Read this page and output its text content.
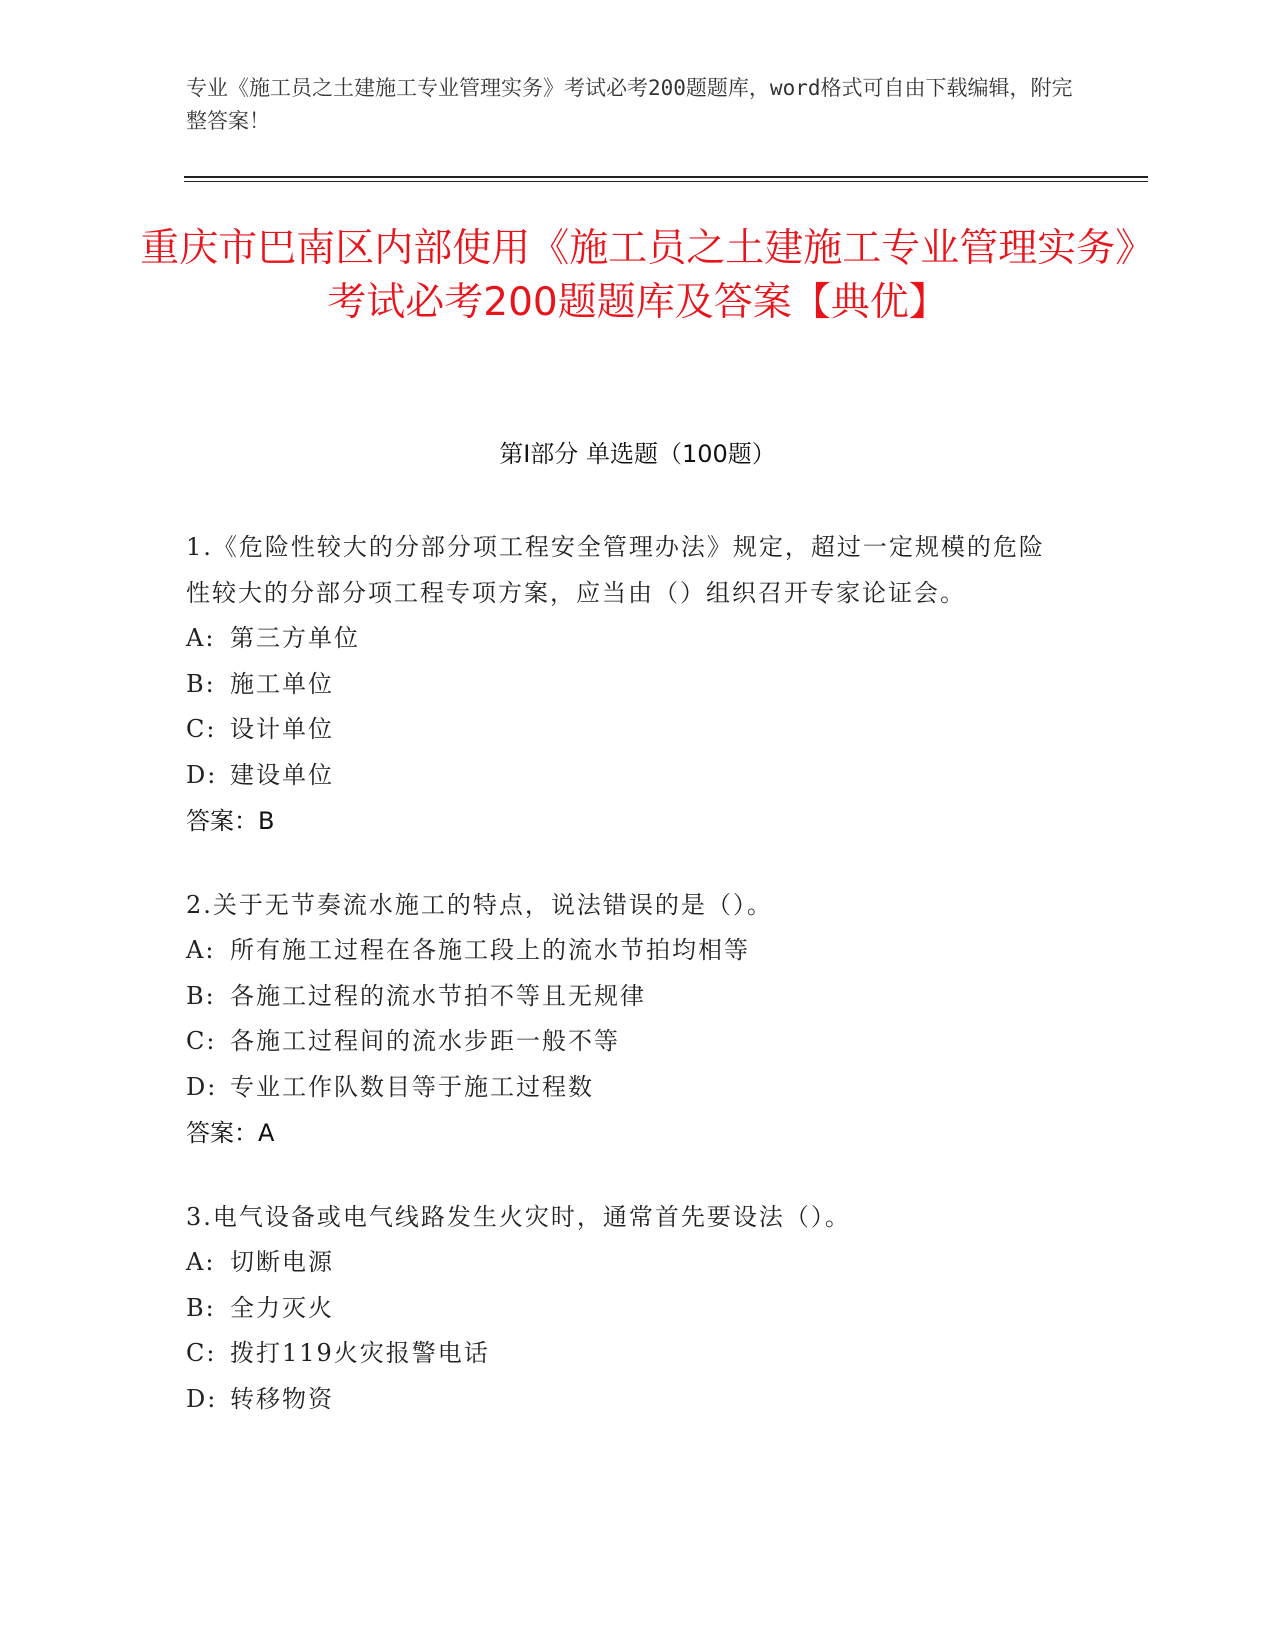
专业《施工员之土建施工专业管理实务》考试必考200题题库，word格式可自由下载编辑，附完整答案！
重庆市巴南区内部使用《施工员之土建施工专业管理实务》考试必考200题题库及答案【典优】
第I部分 单选题（100题）

1.《危险性较大的分部分项工程安全管理办法》规定，超过一定规模的危险性较大的分部分项工程专项方案，应当由（）组织召开专家论证会。

A: 第三方单位

B: 施工单位

C: 设计单位

D: 建设单位

答案：B

2.关于无节奏流水施工的特点，说法错误的是（）。

A: 所有施工过程在各施工段上的流水节拍均相等

B: 各施工过程的流水节拍不等且无规律

C: 各施工过程间的流水步距一般不等

D: 专业工作队数目等于施工过程数

答案：A

3.电气设备或电气线路发生火灾时，通常首先要设法（）。

A: 切断电源

B: 全力灭火

C: 拨打119火灾报警电话

D: 转移物资
